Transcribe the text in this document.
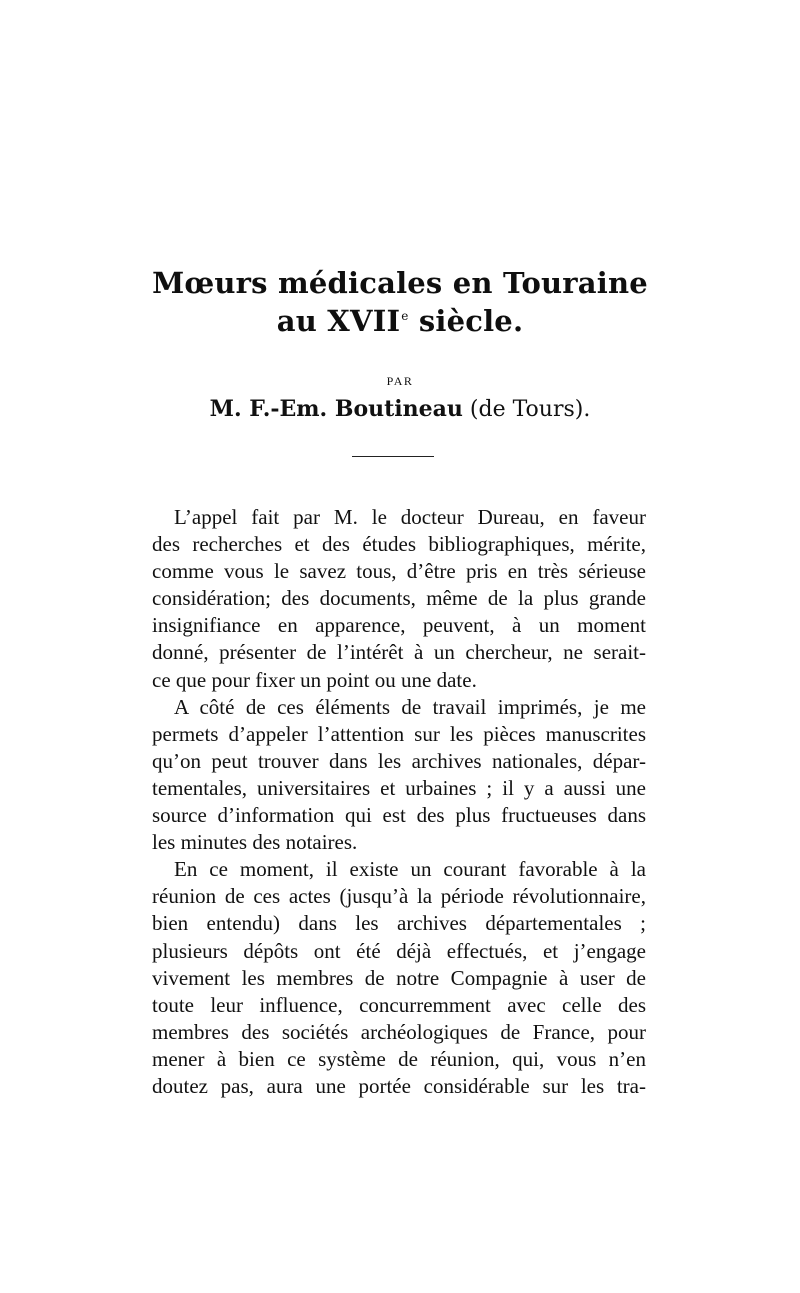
Mœurs médicales en Touraine
au XVIIe siècle.
PAR
M. F.-Em. Boutineau (de Tours).
L’appel fait par M. le docteur Dureau, en faveur
des recherches et des études bibliographiques, mérite,
comme vous le savez tous, d’être pris en très sérieuse
considération; des documents, même de la plus grande
insignifiance en apparence, peuvent, à un moment
donné, présenter de l’intérêt à un chercheur, ne serait-
ce que pour fixer un point ou une date.
A côté de ces éléments de travail imprimés, je me
permets d’appeler l’attention sur les pièces manuscrites
qu’on peut trouver dans les archives nationales, dépar-
tementales, universitaires et urbaines ; il y a aussi une
source d’information qui est des plus fructueuses dans
les minutes des notaires.
En ce moment, il existe un courant favorable à la
réunion de ces actes (jusqu’à la période révolutionnaire,
bien entendu) dans les archives départementales ;
plusieurs dépôts ont été déjà effectués, et j’engage
vivement les membres de notre Compagnie à user de
toute leur influence, concurremment avec celle des
membres des sociétés archéologiques de France, pour
mener à bien ce système de réunion, qui, vous n’en
doutez pas, aura une portée considérable sur les tra-
